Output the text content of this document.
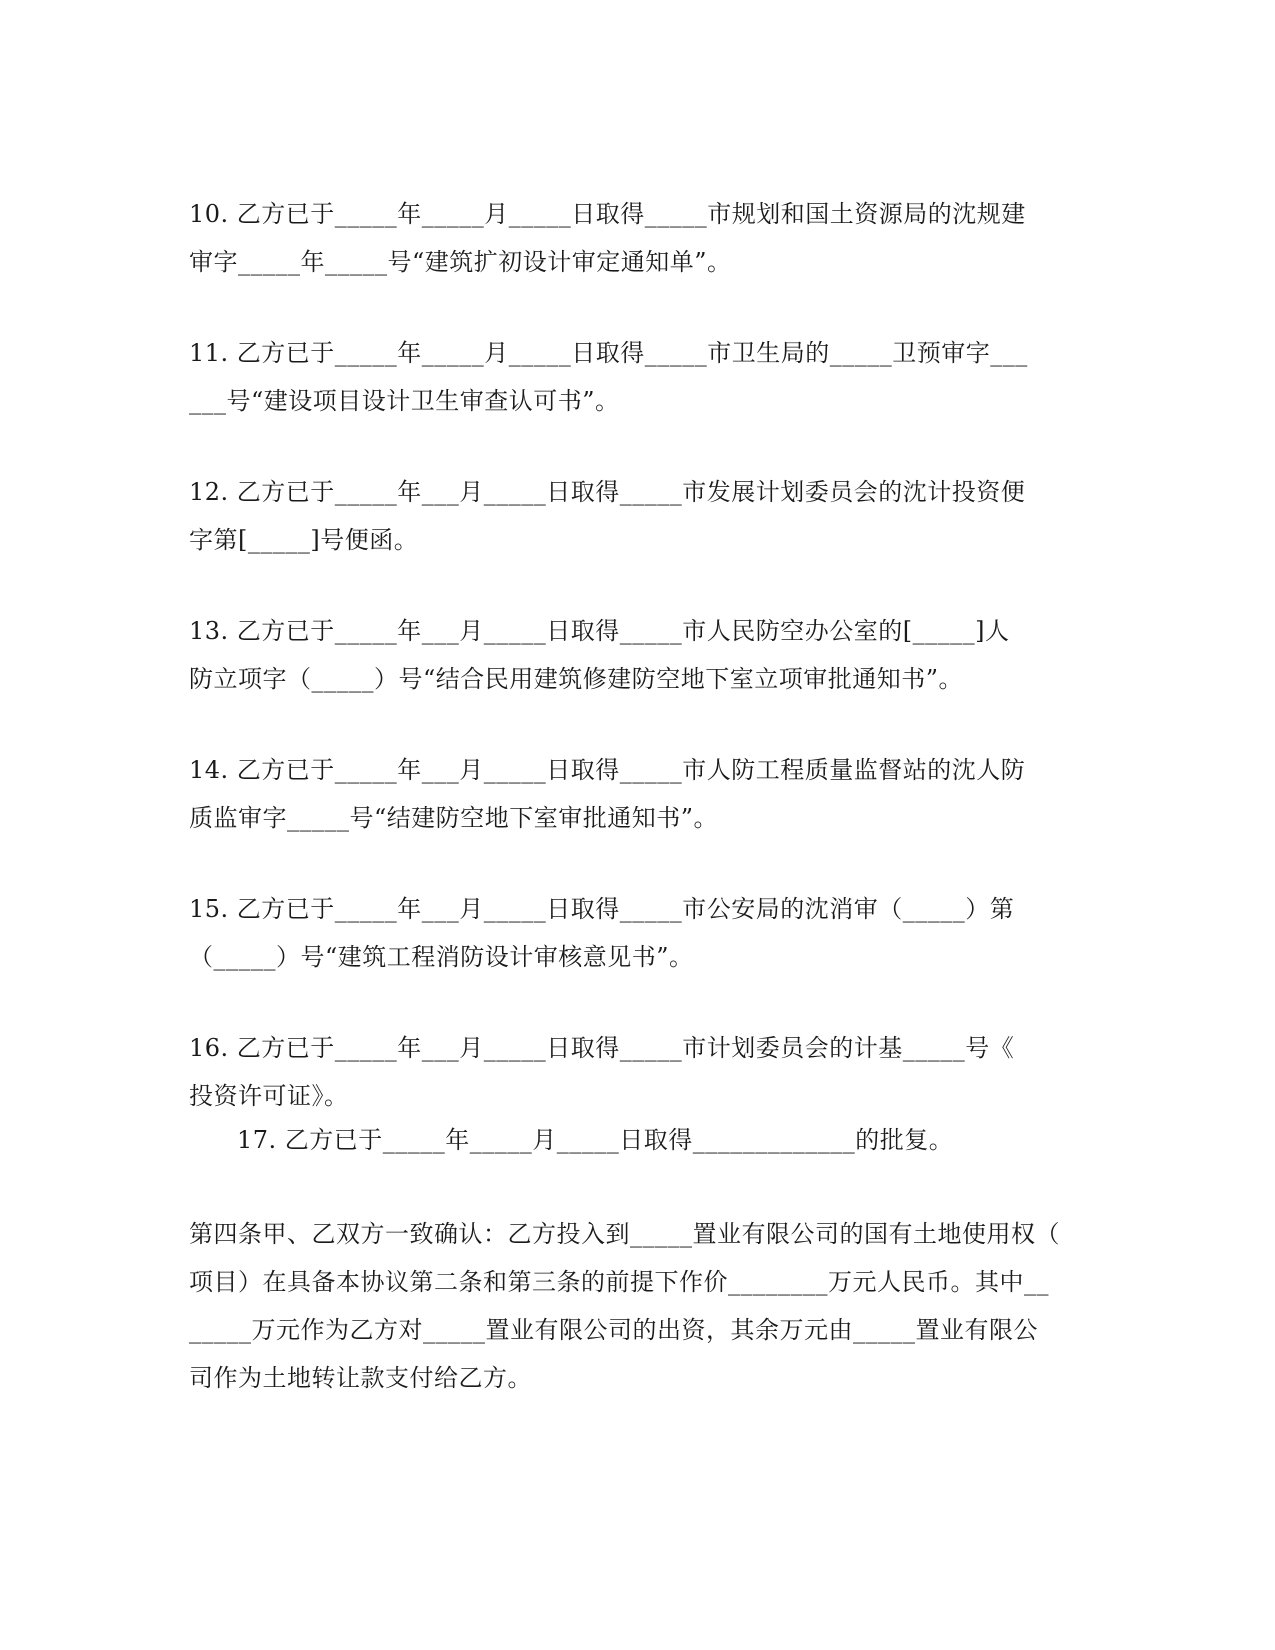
10. 乙方已于_____年_____月_____日取得_____市规划和国土资源局的沈规建
审字_____年_____号“建筑扩初设计审定通知单”。
11. 乙方已于_____年_____月_____日取得_____市卫生局的_____卫预审字___
___号“建设项目设计卫生审查认可书”。
12. 乙方已于_____年___月_____日取得_____市发展计划委员会的沈计投资便
字第[_____]号便函。
13. 乙方已于_____年___月_____日取得_____市人民防空办公室的[_____]人
防立项字（_____）号“结合民用建筑修建防空地下室立项审批通知书”。
14. 乙方已于_____年___月_____日取得_____市人防工程质量监督站的沈人防
质监审字_____号“结建防空地下室审批通知书”。
15. 乙方已于_____年___月_____日取得_____市公安局的沈消审（_____）第
（_____）号“建筑工程消防设计审核意见书”。
16. 乙方已于_____年___月_____日取得_____市计划委员会的计基_____号《
投资许可证》。
17. 乙方已于_____年_____月_____日取得_____________的批复。
第四条甲、乙双方一致确认：乙方投入到_____置业有限公司的国有土地使用权（
项目）在具备本协议第二条和第三条的前提下作价________万元人民币。其中__
_____万元作为乙方对_____置业有限公司的出资，其余万元由_____置业有限公
司作为土地转让款支付给乙方。
